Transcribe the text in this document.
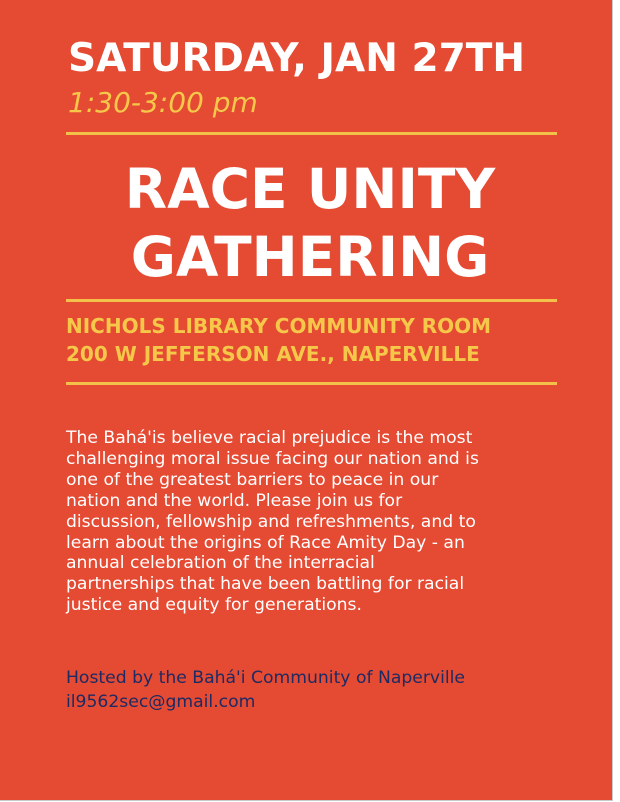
SATURDAY, JAN 27TH
1:30-3:00 pm
RACE UNITY
GATHERING
NICHOLS LIBRARY COMMUNITY ROOM
200 W JEFFERSON AVE., NAPERVILLE
The Bahá'is believe racial prejudice is the most
challenging moral issue facing our nation and is
one of the greatest barriers to peace in our
nation and the world. Please join us for
discussion, fellowship and refreshments, and to
learn about the origins of Race Amity Day - an
annual celebration of the interracial
partnerships that have been battling for racial
justice and equity for generations.
Hosted by the Bahá'i Community of Naperville
il9562sec@gmail.com
